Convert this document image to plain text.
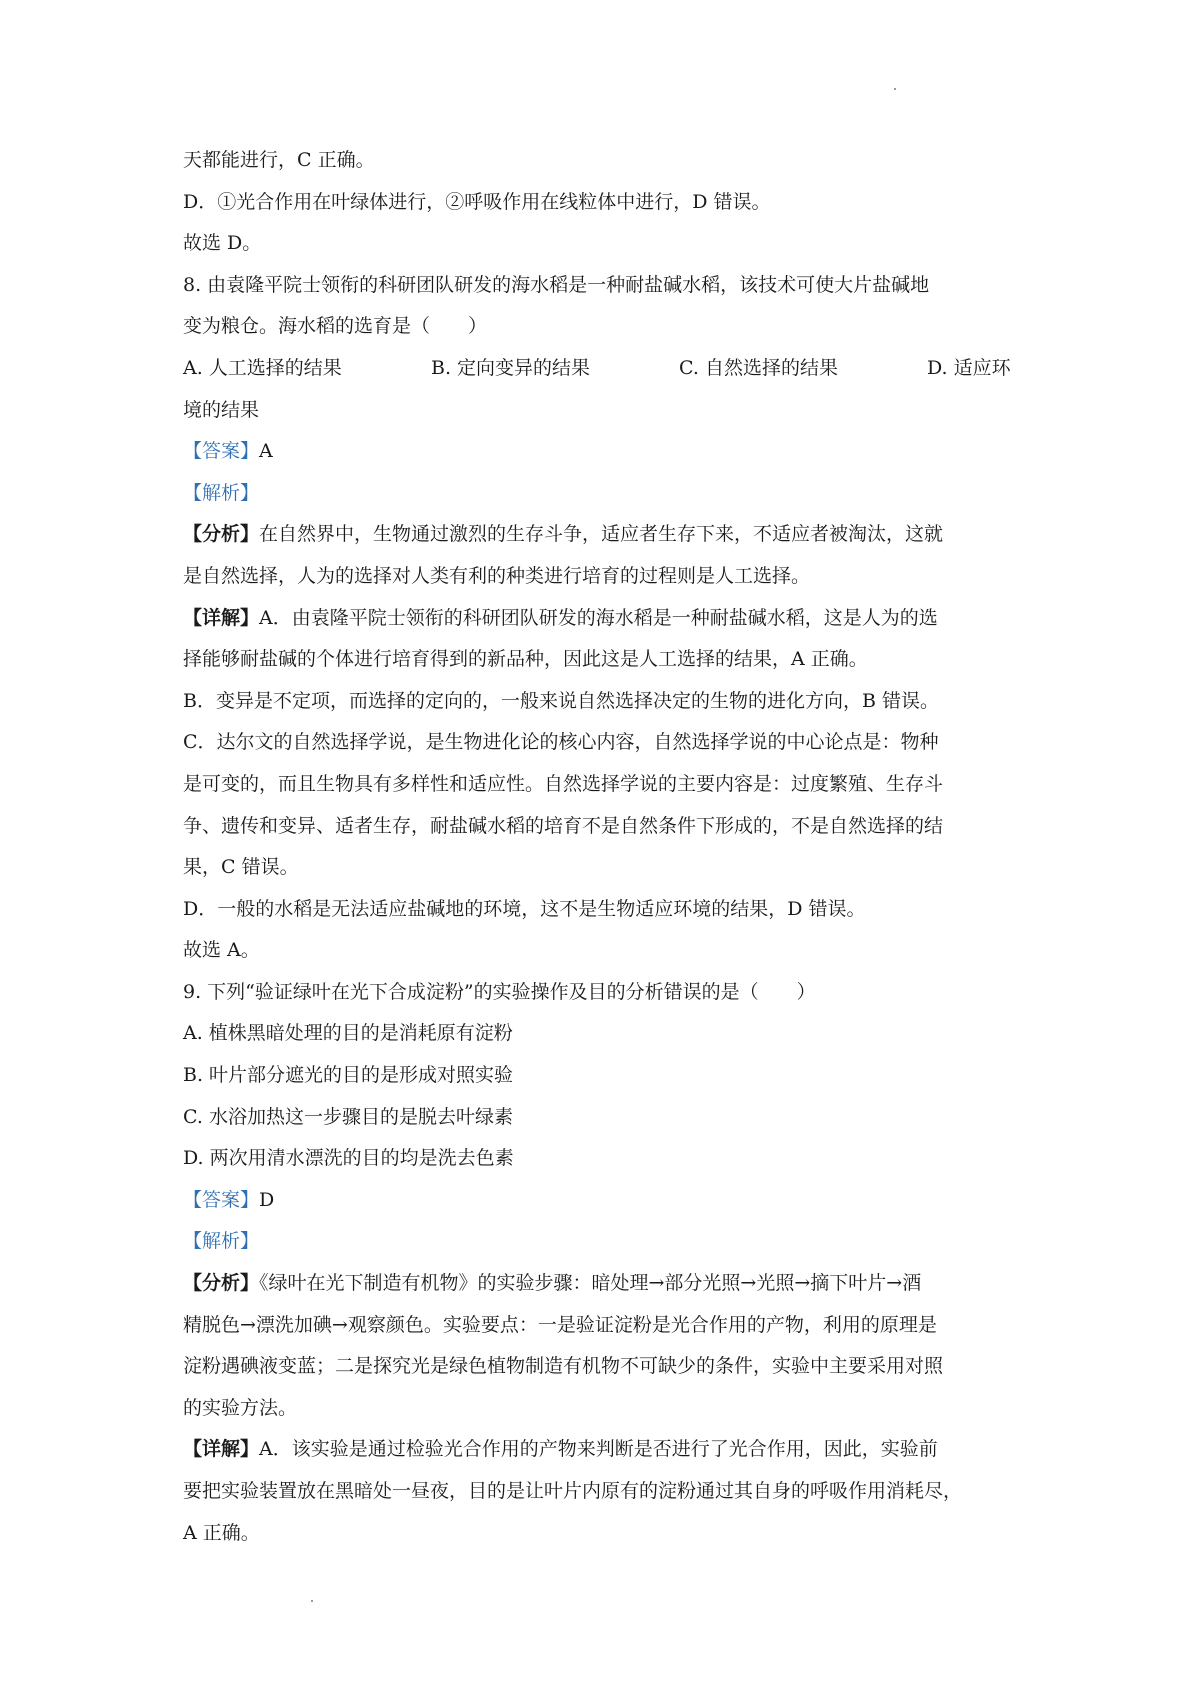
天都能进行，C 正确。
D．①光合作用在叶绿体进行，②呼吸作用在线粒体中进行，D 错误。
故选 D。
8. 由袁隆平院士领衔的科研团队研发的海水稻是一种耐盐碱水稻，该技术可使大片盐碱地
变为粮仓。海水稻的选育是（　　）
A. 人工选择的结果	B. 定向变异的结果	C. 自然选择的结果	D. 适应环
境的结果
【答案】A
【解析】
【分析】在自然界中，生物通过激烈的生存斗争，适应者生存下来，不适应者被淘汰，这就
是自然选择，人为的选择对人类有利的种类进行培育的过程则是人工选择。
【详解】A．由袁隆平院士领衔的科研团队研发的海水稻是一种耐盐碱水稻，这是人为的选
择能够耐盐碱的个体进行培育得到的新品种，因此这是人工选择的结果，A 正确。
B．变异是不定项，而选择的定向的，一般来说自然选择决定的生物的进化方向，B 错误。
C．达尔文的自然选择学说，是生物进化论的核心内容，自然选择学说的中心论点是：物种
是可变的，而且生物具有多样性和适应性。自然选择学说的主要内容是：过度繁殖、生存斗
争、遗传和变异、适者生存，耐盐碱水稻的培育不是自然条件下形成的，不是自然选择的结
果，C 错误。
D．一般的水稻是无法适应盐碱地的环境，这不是生物适应环境的结果，D 错误。
故选 A。
9. 下列“验证绿叶在光下合成淀粉”的实验操作及目的分析错误的是（　　）
A. 植株黑暗处理的目的是消耗原有淀粉
B. 叶片部分遮光的目的是形成对照实验
C. 水浴加热这一步骤目的是脱去叶绿素
D. 两次用清水漂洗的目的均是洗去色素
【答案】D
【解析】
【分析】《绿叶在光下制造有机物》的实验步骤：暗处理→部分光照→光照→摘下叶片→酒
精脱色→漂洗加碘→观察颜色。实验要点：一是验证淀粉是光合作用的产物，利用的原理是
淀粉遇碘液变蓝；二是探究光是绿色植物制造有机物不可缺少的条件，实验中主要采用对照
的实验方法。
【详解】A．该实验是通过检验光合作用的产物来判断是否进行了光合作用，因此，实验前
要把实验装置放在黑暗处一昼夜，目的是让叶片内原有的淀粉通过其自身的呼吸作用消耗尽，
A 正确。
